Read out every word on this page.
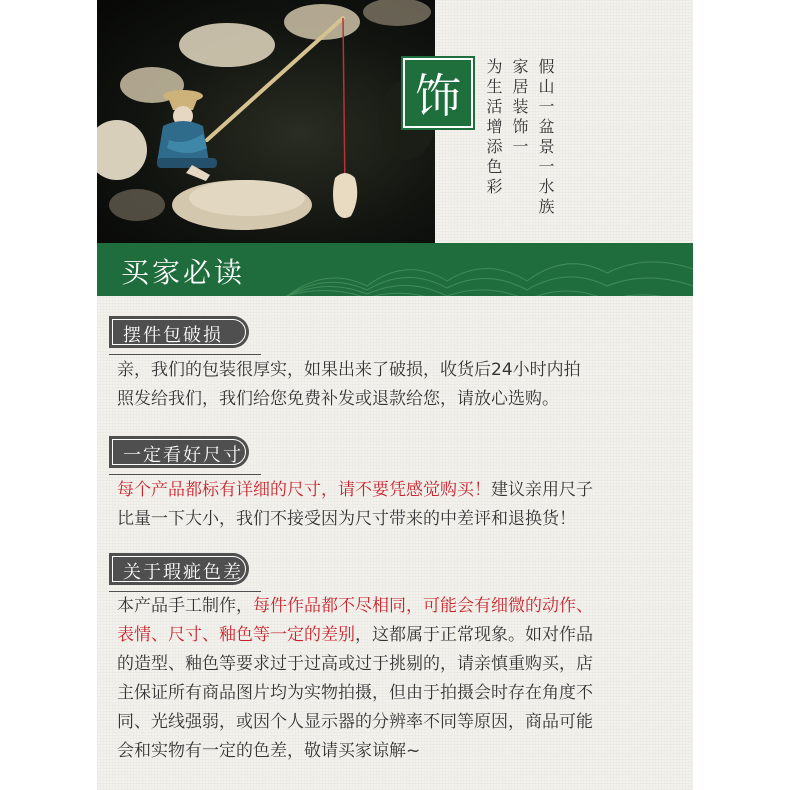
饰	假山一盆景一水族
家居装饰一
为生活增添色彩
买家必读
摆件包破损
亲，我们的包装很厚实，如果出来了破损，收货后24小时内拍
照发给我们，我们给您免费补发或退款给您，请放心选购。
一定看好尺寸
每个产品都标有详细的尺寸，请不要凭感觉购买！建议亲用尺子
比量一下大小，我们不接受因为尺寸带来的中差评和退换货！
关于瑕疵色差
本产品手工制作，每件作品都不尽相同，可能会有细微的动作、
表情、尺寸、釉色等一定的差别，这都属于正常现象。如对作品
的造型、釉色等要求过于过高或过于挑剔的，请亲慎重购买，店
主保证所有商品图片均为实物拍摄，但由于拍摄会时存在角度不
同、光线强弱，或因个人显示器的分辨率不同等原因，商品可能
会和实物有一定的色差，敬请买家谅解~
